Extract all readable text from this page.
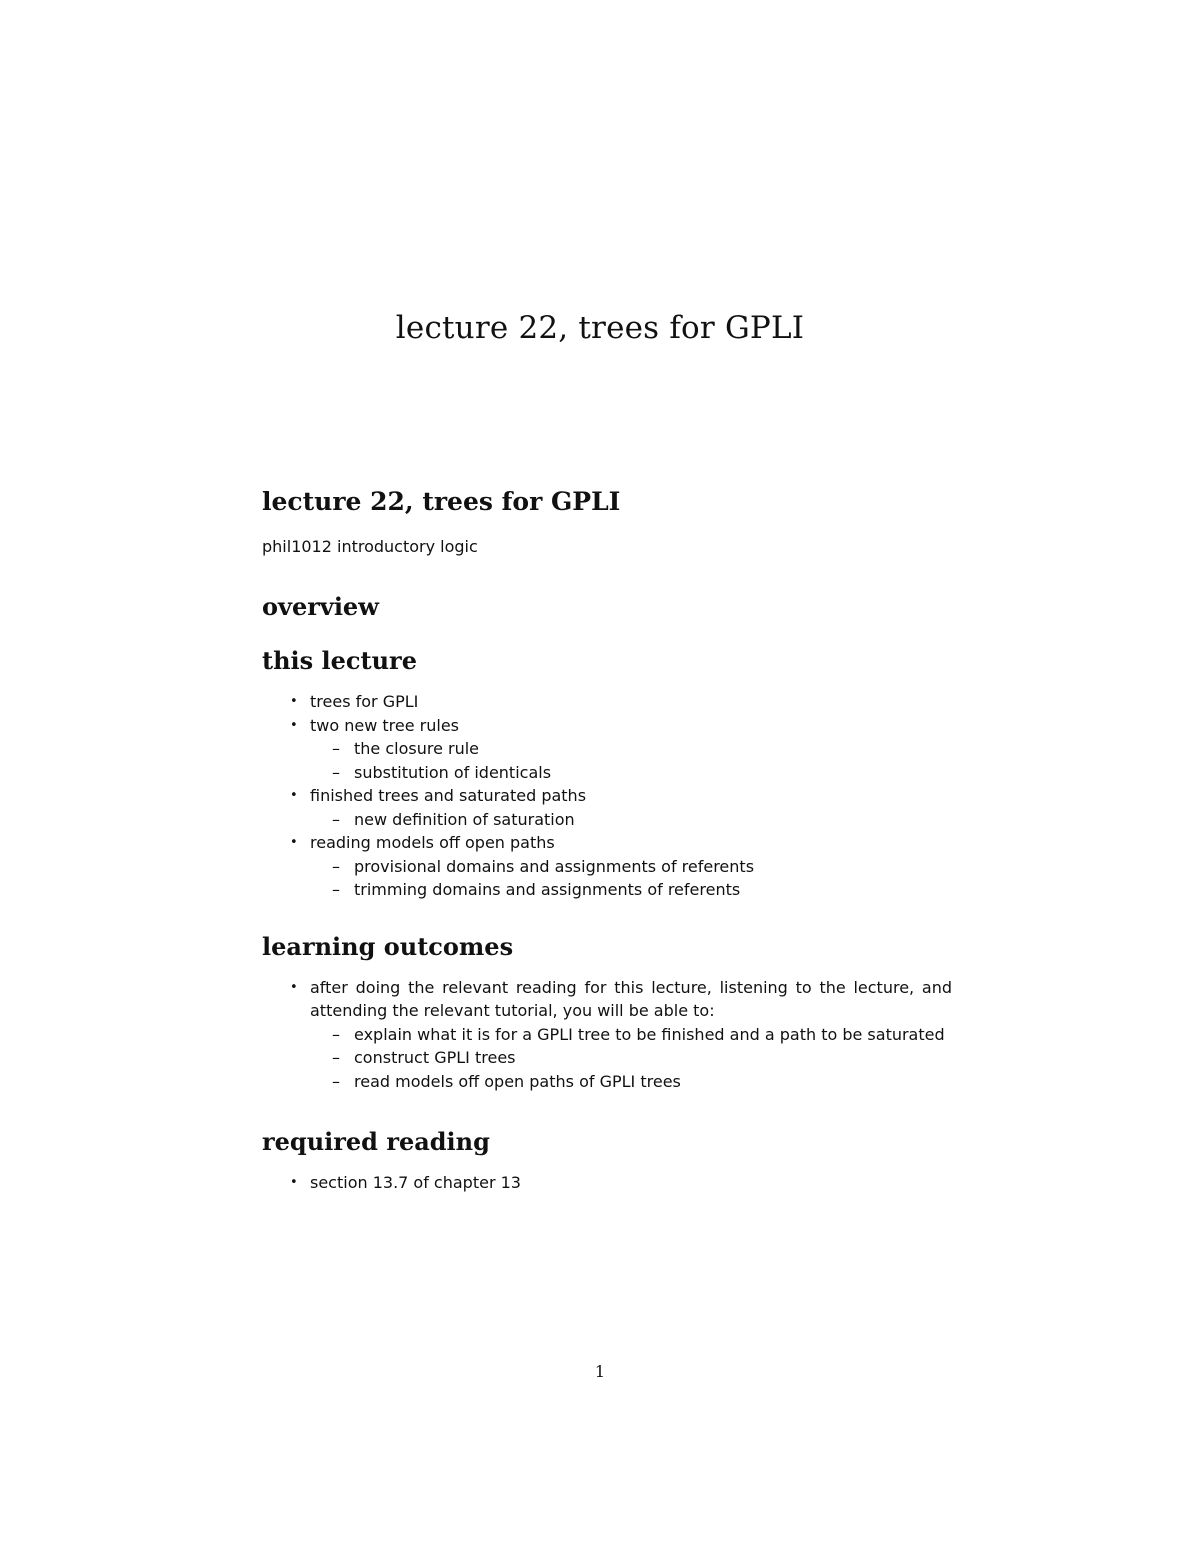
lecture 22, trees for GPLI
lecture 22, trees for GPLI

phil1012 introductory logic

overview
this lecture
• trees for GPLI
• two new tree rules
– the closure rule
– substitution of identicals
• finished trees and saturated paths
– new definition of saturation
• reading models off open paths
– provisional domains and assignments of referents
– trimming domains and assignments of referents
learning outcomes
• after doing the relevant reading for this lecture, listening to the lecture, and attending the relevant tutorial, you will be able to:
– explain what it is for a GPLI tree to be finished and a path to be saturated
– construct GPLI trees
– read models off open paths of GPLI trees
required reading
• section 13.7 of chapter 13
1
